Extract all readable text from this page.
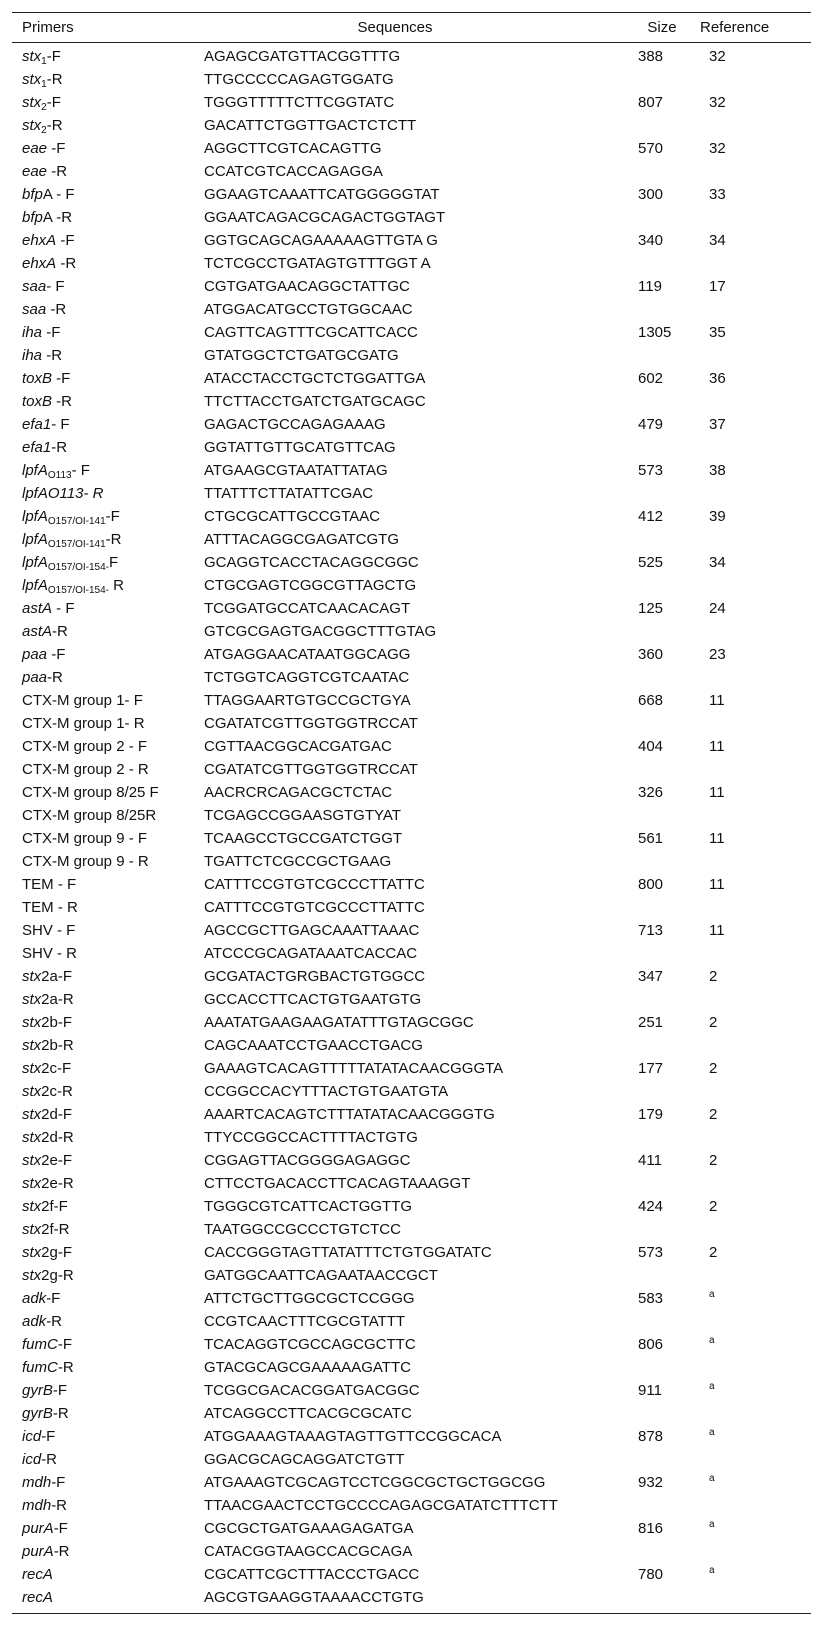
Primers	Sequences	Size	Reference
stx$_1$-F	AGAGCGATGTTACGGTTTG	388	32
stx$_1$-R	TTGCCCCCAGAGTGGATG
stx$_2$-F	TGGGTTTTTCTTCGGTATC	807	32
stx$_2$-R	GACATTCTGGTTGACTCTCTT
eae -F	AGGCTTCGTCACAGTTG	570	32
eae -R	CCATCGTCACCAGAGGA
bfpA - F	GGAAGTCAAATTCATGGGGGTAT	300	33
bfpA -R	GGAATCAGACGCAGACTGGTAGT
ehxA -F	GGTGCAGCAGAAAAAGTTGTA G	340	34
ehxA -R	TCTCGCCTGATAGTGTTTGGT A
saa- F	CGTGATGAACAGGCTATTGC	119	17
saa -R	ATGGACATGCCTGTGGCAAC
iha -F	CAGTTCAGTTTCGCATTCACC	1305	35
iha -R	GTATGGCTCTGATGCGATG
toxB -F	ATACCTACCTGCTCTGGATTGA	602	36
toxB -R	TTCTTACCTGATCTGATGCAGC
efa1- F	GAGACTGCCAGAGAAAG	479	37
efa1-R	GGTATTGTTGCATGTTCAG
lpfA$_{O113}$- F	ATGAAGCGTAATATTATAG	573	38
lpfAO113- R	TTATTTCTTATATTCGAC
lpfA$_{O157/OI-141}$-F	CTGCGCATTGCCGTAAC	412	39
lpfA$_{O157/OI-141}$-R	ATTTACAGGCGAGATCGTG
lpfA$_{O157/OI-154-}$F	GCAGGTCACCTACAGGCGGC	525	34
lpfA$_{O157/OI-154-}$ R	CTGCGAGTCGGCGTTAGCTG
astA - F	TCGGATGCCATCAACACAGT	125	24
astA-R	GTCGCGAGTGACGGCTTTGTAG
paa -F	ATGAGGAACATAATGGCAGG	360	23
paa-R	TCTGGTCAGGTCGTCAATAC
CTX-M group 1- F	TTAGGAARTGTGCCGCTGYA	668	11
CTX-M group 1- R	CGATATCGTTGGTGGTRCCAT
CTX-M group 2 - F	CGTTAACGGCACGATGAC	404	11
CTX-M group 2 - R	CGATATCGTTGGTGGTRCCAT
CTX-M group 8/25 F	AACRCRCAGACGCTCTAC	326	11
CTX-M group 8/25R	TCGAGCCGGAASGTGTYAT
CTX-M group 9 - F	TCAAGCCTGCCGATCTGGT	561	11
CTX-M group 9 - R	TGATTCTCGCCGCTGAAG
TEM - F	CATTTCCGTGTCGCCCTTATTC	800	11
TEM - R	CATTTCCGTGTCGCCCTTATTC
SHV - F	AGCCGCTTGAGCAAATTAAAC	713	11
SHV - R	ATCCCGCAGATAAATCACCAC
stx2a-F	GCGATACTGRGBACTGTGGCC	347	2
stx2a-R	GCCACCTTCACTGTGAATGTG
stx2b-F	AAATATGAAGAAGATATTTGTAGCGGC	251	2
stx2b-R	CAGCAAATCCTGAACCTGACG
stx2c-F	GAAAGTCACAGTTTTTATATACAACGGGTA	177	2
stx2c-R	CCGGCCACYTTTACTGTGAATGTA
stx2d-F	AAARTCACAGTCTTTATATACAACGGGTG	179	2
stx2d-R	TTYCCGGCCACTTTTACTGTG
stx2e-F	CGGAGTTACGGGGAGAGGC	411	2
stx2e-R	CTTCCTGACACCTTCACAGTAAAGGT
stx2f-F	TGGGCGTCATTCACTGGTTG	424	2
stx2f-R	TAATGGCCGCCCTGTCTCC
stx2g-F	CACCGGGTAGTTATATTTCTGTGGATATC	573	2
stx2g-R	GATGGCAATTCAGAATAACCGCT
adk-F	ATTCTGCTTGGCGCTCCGGG	583	$^a$
adk-R	CCGTCAACTTTCGCGTATTT
fumC-F	TCACAGGTCGCCAGCGCTTC	806	$^a$
fumC-R	GTACGCAGCGAAAAAGATTC
gyrB-F	TCGGCGACACGGATGACGGC	911	$^a$
gyrB-R	ATCAGGCCTTCACGCGCATC
icd-F	ATGGAAAGTAAAGTAGTTGTTCCGGCACA	878	$^a$
icd-R	GGACGCAGCAGGATCTGTT
mdh-F	ATGAAAGTCGCAGTCCTCGGCGCTGCTGGCGG	932	$^a$
mdh-R	TTAACGAACTCCTGCCCCAGAGCGATATCTTTCTT
purA-F	CGCGCTGATGAAAGAGATGA	816	$^a$
purA-R	CATACGGTAAGCCACGCAGA
recA	CGCATTCGCTTTACCCTGACC	780	$^a$
recA	AGCGTGAAGGTAAAACCTGTG
